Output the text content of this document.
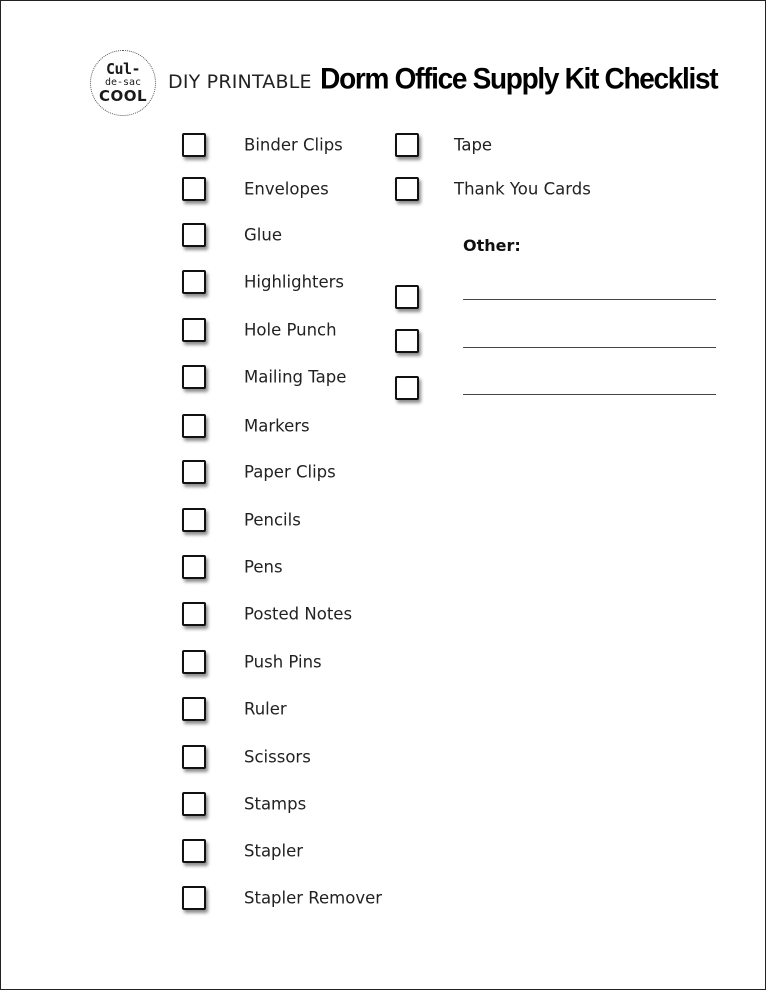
Cul-
de-sac
COOL
DIY PRINTABLE Dorm Office Supply Kit Checklist
Binder Clips
Envelopes
Glue
Highlighters
Hole Punch
Mailing Tape
Markers
Paper Clips
Pencils
Pens
Posted Notes
Push Pins
Ruler
Scissors
Stamps
Stapler
Stapler Remover
Tape
Thank You Cards
Other:
